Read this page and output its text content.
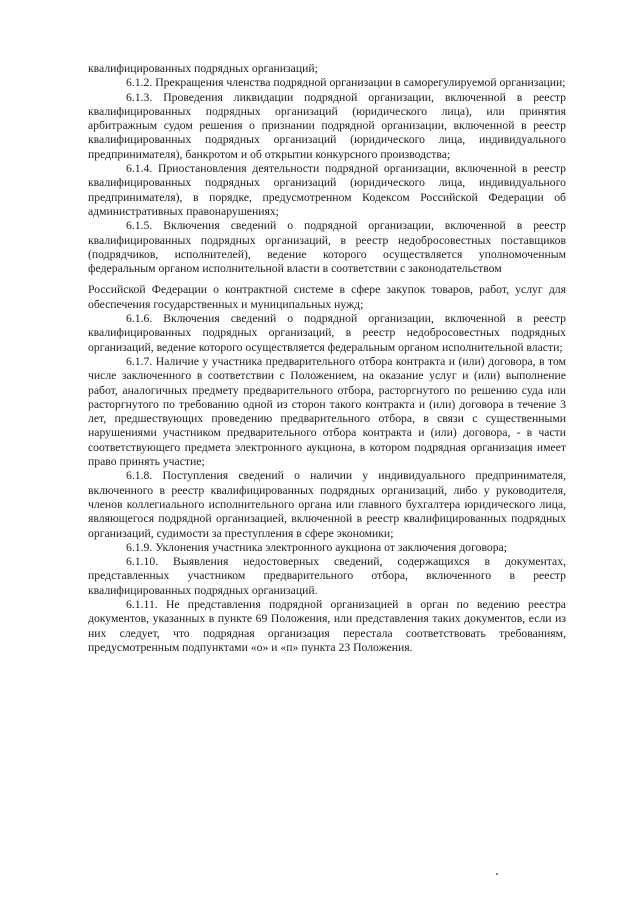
квалифицированных подрядных организаций;

6.1.2. Прекращения членства подрядной организации в саморегулируемой организации;

6.1.3. Проведения ликвидации подрядной организации, включенной в реестр квалифицированных подрядных организаций (юридического лица), или принятия арбитражным судом решения о признании подрядной организации, включенной в реестр квалифицированных подрядных организаций (юридического лица, индивидуального предпринимателя), банкротом и об открытии конкурсного производства;

6.1.4. Приостановления деятельности подрядной организации, включенной в реестр квалифицированных подрядных организаций (юридического лица, индивидуального предпринимателя), в порядке, предусмотренном Кодексом Российской Федерации об административных правонарушениях;

6.1.5. Включения сведений о подрядной организации, включенной в реестр квалифицированных подрядных организаций, в реестр недобросовестных поставщиков (подрядчиков, исполнителей), ведение которого осуществляется уполномоченным федеральным органом исполнительной власти в соответствии с законодательством

Российской Федерации о контрактной системе в сфере закупок товаров, работ, услуг для обеспечения государственных и муниципальных нужд;

6.1.6. Включения сведений о подрядной организации, включенной в реестр квалифицированных подрядных организаций, в реестр недобросовестных подрядных организаций, ведение которого осуществляется федеральным органом исполнительной власти;

6.1.7. Наличие у участника предварительного отбора контракта и (или) договора, в том числе заключенного в соответствии с Положением, на оказание услуг и (или) выполнение работ, аналогичных предмету предварительного отбора, расторгнутого по решению суда или расторгнутого по требованию одной из сторон такого контракта и (или) договора в течение 3 лет, предшествующих проведению предварительного отбора, в связи с существенными нарушениями участником предварительного отбора контракта и (или) договора, - в части соответствующего предмета электронного аукциона, в котором подрядная организация имеет право принять участие;

6.1.8. Поступления сведений о наличии у индивидуального предпринимателя, включенного в реестр квалифицированных подрядных организаций, либо у руководителя, членов коллегиального исполнительного органа или главного бухгалтера юридического лица, являющегося подрядной организацией, включенной в реестр квалифицированных подрядных организаций, судимости за преступления в сфере экономики;

6.1.9. Уклонения участника электронного аукциона от заключения договора;

6.1.10. Выявления недостоверных сведений, содержащихся в документах, представленных участником предварительного отбора, включенного в реестр квалифицированных подрядных организаций.

6.1.11. Не представления подрядной организацией в орган по ведению реестра документов, указанных в пункте 69 Положения, или представления таких документов, если из них следует, что подрядная организация перестала соответствовать требованиям, предусмотренным подпунктами «о» и «п» пункта 23 Положения.
